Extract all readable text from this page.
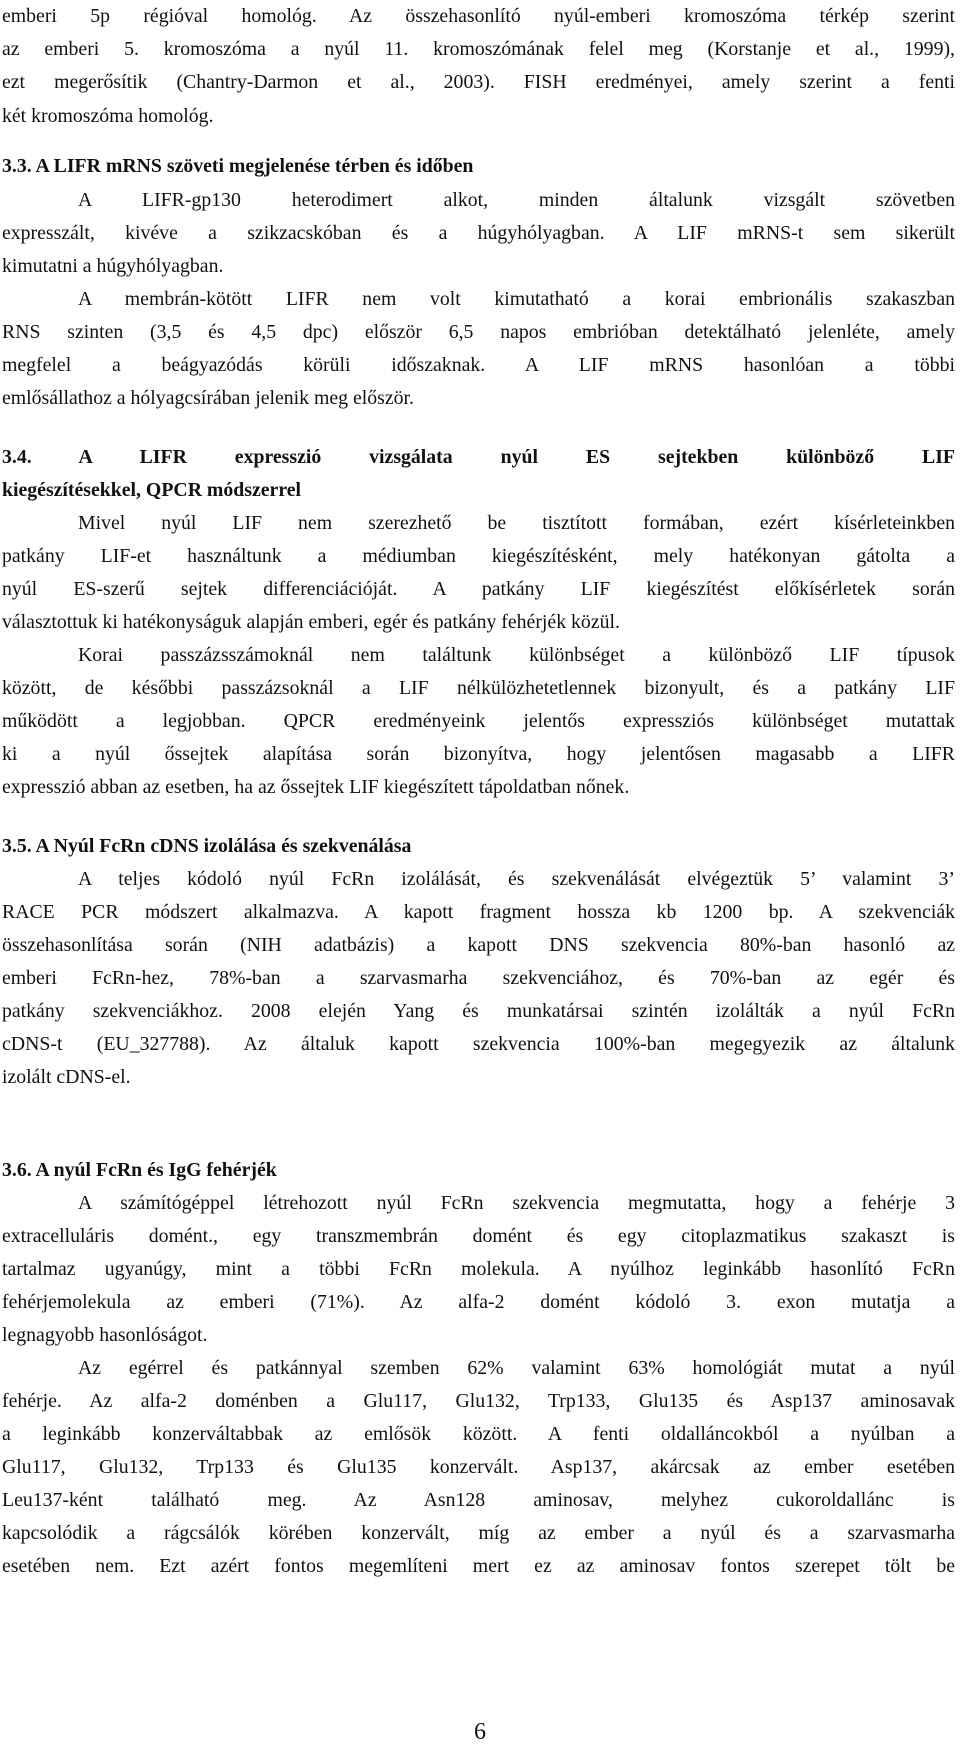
emberi 5p régióval homológ. Az összehasonlító nyúl-emberi kromoszóma térkép szerint
az emberi 5. kromoszóma a nyúl 11. kromoszómának felel meg (Korstanje et al., 1999),
ezt megerősítik (Chantry-Darmon et al., 2003). FISH eredményei, amely szerint a fenti
két kromoszóma homológ.
3.3. A LIFR mRNS szöveti megjelenése térben és időben
A LIFR-gp130 heterodimert alkot, minden általunk vizsgált szövetben
expresszált, kivéve a szikzacskóban és a húgyhólyagban. A LIF mRNS-t sem sikerült
kimutatni a húgyhólyagban.
A membrán-kötött LIFR nem volt kimutatható a korai embrionális szakaszban
RNS szinten (3,5 és 4,5 dpc) először 6,5 napos embrióban detektálható jelenléte, amely
megfelel a beágyazódás körüli időszaknak. A LIF mRNS hasonlóan a többi
emlősállathoz a hólyagcsírában jelenik meg először.
3.4. A LIFR expresszió vizsgálata nyúl ES sejtekben különböző LIF
kiegészítésekkel, QPCR módszerrel
Mivel nyúl LIF nem szerezhető be tisztított formában, ezért kísérleteinkben
patkány LIF-et használtunk a médiumban kiegészítésként, mely hatékonyan gátolta a
nyúl ES-szerű sejtek differenciációját. A patkány LIF kiegészítést előkísérletek során
választottuk ki hatékonyságuk alapján emberi, egér és patkány fehérjék közül.
Korai passzázsszámoknál nem találtunk különbséget a különböző LIF típusok
között, de későbbi passzázsoknál a LIF nélkülözhetetlennek bizonyult, és a patkány LIF
működött a legjobban. QPCR eredményeink jelentős expressziós különbséget mutattak
ki a nyúl őssejtek alapítása során bizonyítva, hogy jelentősen magasabb a LIFR
expresszió abban az esetben, ha az őssejtek LIF kiegészített tápoldatban nőnek.
3.5. A Nyúl FcRn cDNS izolálása és szekvenálása
A teljes kódoló nyúl FcRn izolálását, és szekvenálását elvégeztük 5’ valamint 3’
RACE PCR módszert alkalmazva. A kapott fragment hossza kb 1200 bp. A szekvenciák
összehasonlítása során (NIH adatbázis) a kapott DNS szekvencia 80%-ban hasonló az
emberi FcRn-hez, 78%-ban a szarvasmarha szekvenciához, és 70%-ban az egér és
patkány szekvenciákhoz. 2008 elején Yang és munkatársai szintén izolálták a nyúl FcRn
cDNS-t (EU_327788). Az általuk kapott szekvencia 100%-ban megegyezik az általunk
izolált cDNS-el.
3.6. A nyúl FcRn és IgG fehérjék
A számítógéppel létrehozott nyúl FcRn szekvencia megmutatta, hogy a fehérje 3
extracelluláris domént., egy transzmembrán domént és egy citoplazmatikus szakaszt is
tartalmaz ugyanúgy, mint a többi FcRn molekula. A nyúlhoz leginkább hasonlító FcRn
fehérjemolekula az emberi (71%). Az alfa-2 domént kódoló 3. exon mutatja a
legnagyobb hasonlóságot.
Az egérrel és patkánnyal szemben 62% valamint 63% homológiát mutat a nyúl
fehérje. Az alfa-2 doménben a Glu117, Glu132, Trp133, Glu135 és Asp137 aminosavak
a leginkább konzerváltabbak az emlősök között. A fenti oldalláncokból a nyúlban a
Glu117, Glu132, Trp133 és Glu135 konzervált. Asp137, akárcsak az ember esetében
Leu137-ként található meg. Az Asn128 aminosav, melyhez cukoroldallánc is
kapcsolódik a rágcsálók körében konzervált, míg az ember a nyúl és a szarvasmarha
esetében nem. Ezt azért fontos megemlíteni mert ez az aminosav fontos szerepet tölt be
6
